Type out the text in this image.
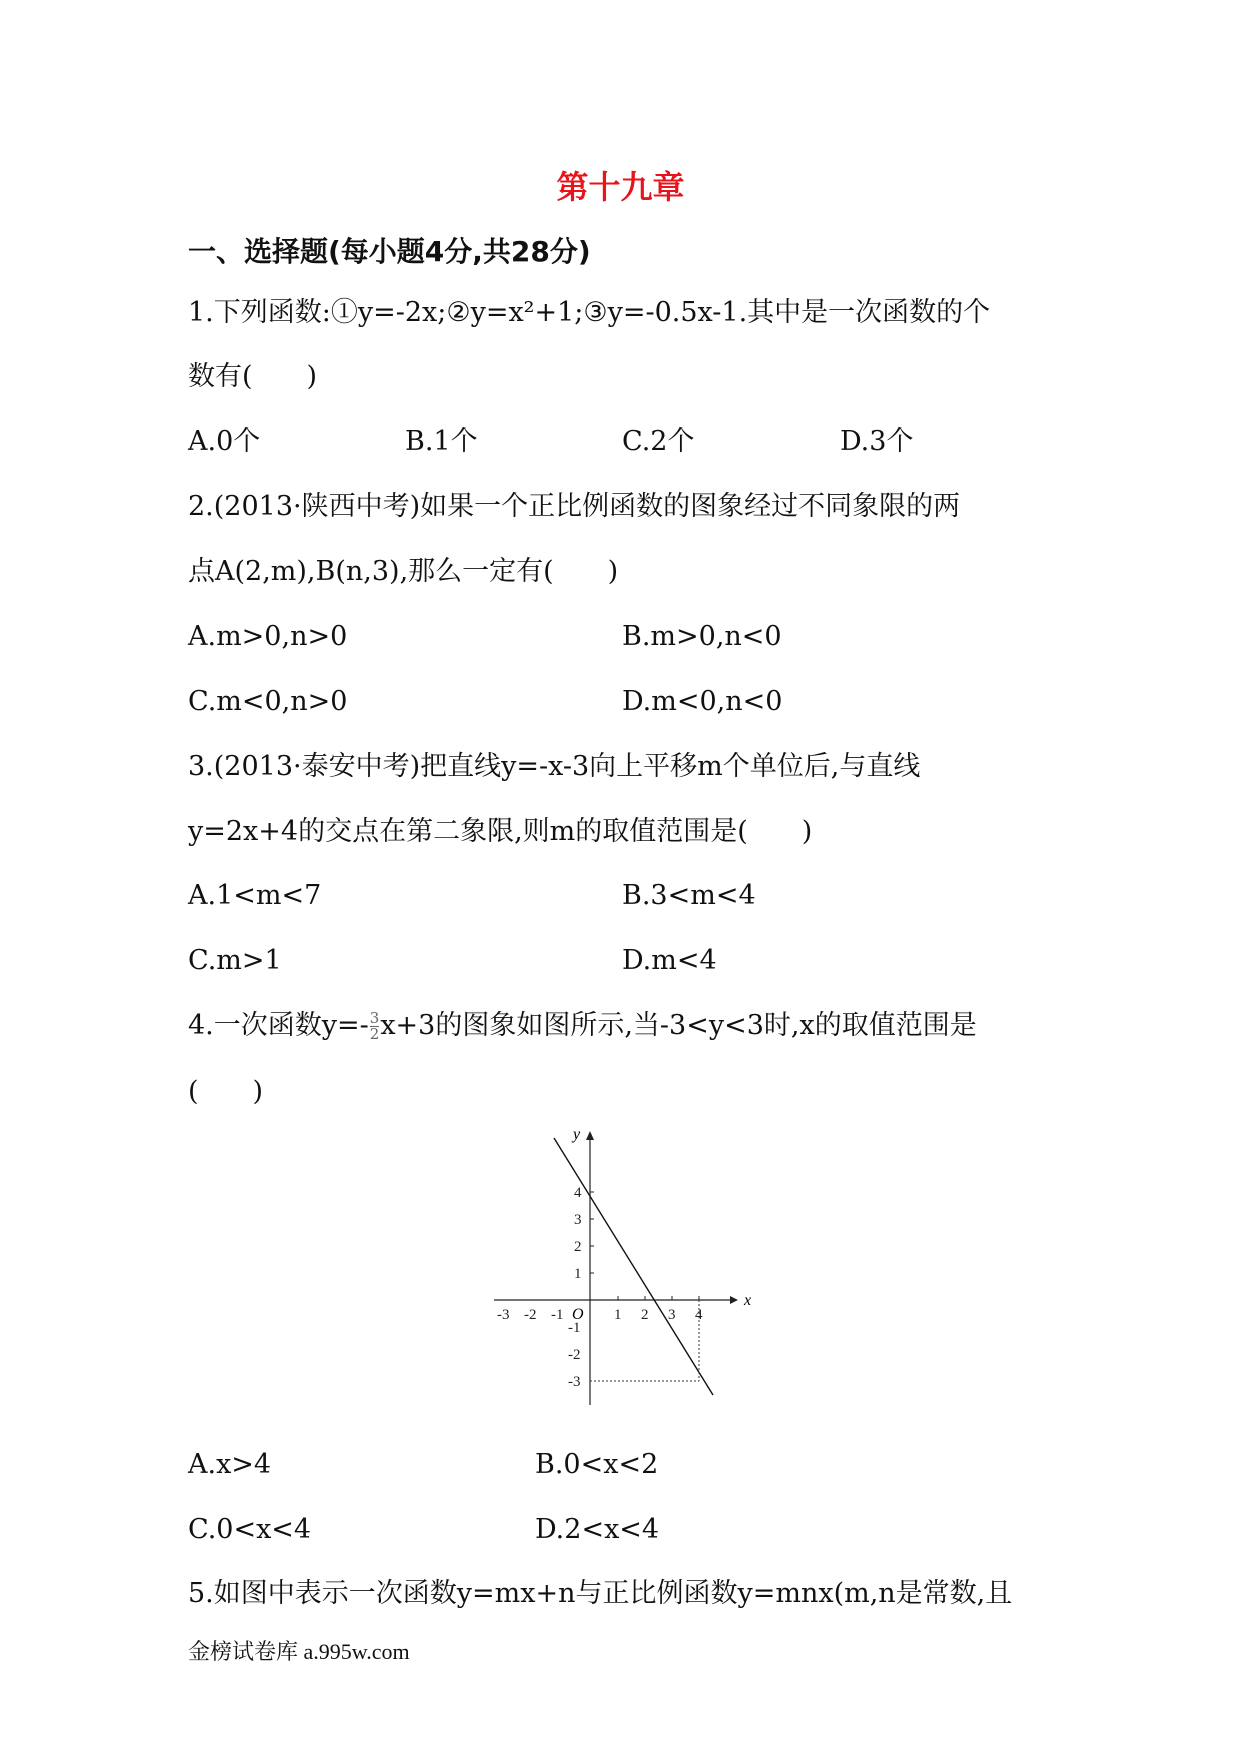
第十九章
一、选择题(每小题4分,共28分)
1.下列函数:①y=-2x;②y=x²+1;③y=-0.5x-1.其中是一次函数的个
数有(　　)
A.0个	B.1个	C.2个	D.3个
2.(2013·陕西中考)如果一个正比例函数的图象经过不同象限的两
点A(2,m),B(n,3),那么一定有(　　)
A.m>0,n>0	B.m>0,n<0
C.m<0,n>0	D.m<0,n<0
3.(2013·泰安中考)把直线y=-x-3向上平移m个单位后,与直线
y=2x+4的交点在第二象限,则m的取值范围是(　　)
A.1<m<7	B.3<m<4
C.m>1	D.m<4
4.一次函数$y=- \frac{3}{2} x+3$的图象如图所示,当-3<y<3时,x的取值范围是
(　　)
x
y
O
-3 -2 -1	1 2 3 4
4
3
2
1
-1
-2
-3
A.x>4	B.0<x<2
C.0<x<4	D.2<x<4
5.如图中表示一次函数y=mx+n与正比例函数y=mnx(m,n是常数,且
金榜试卷库 a.995w.com
